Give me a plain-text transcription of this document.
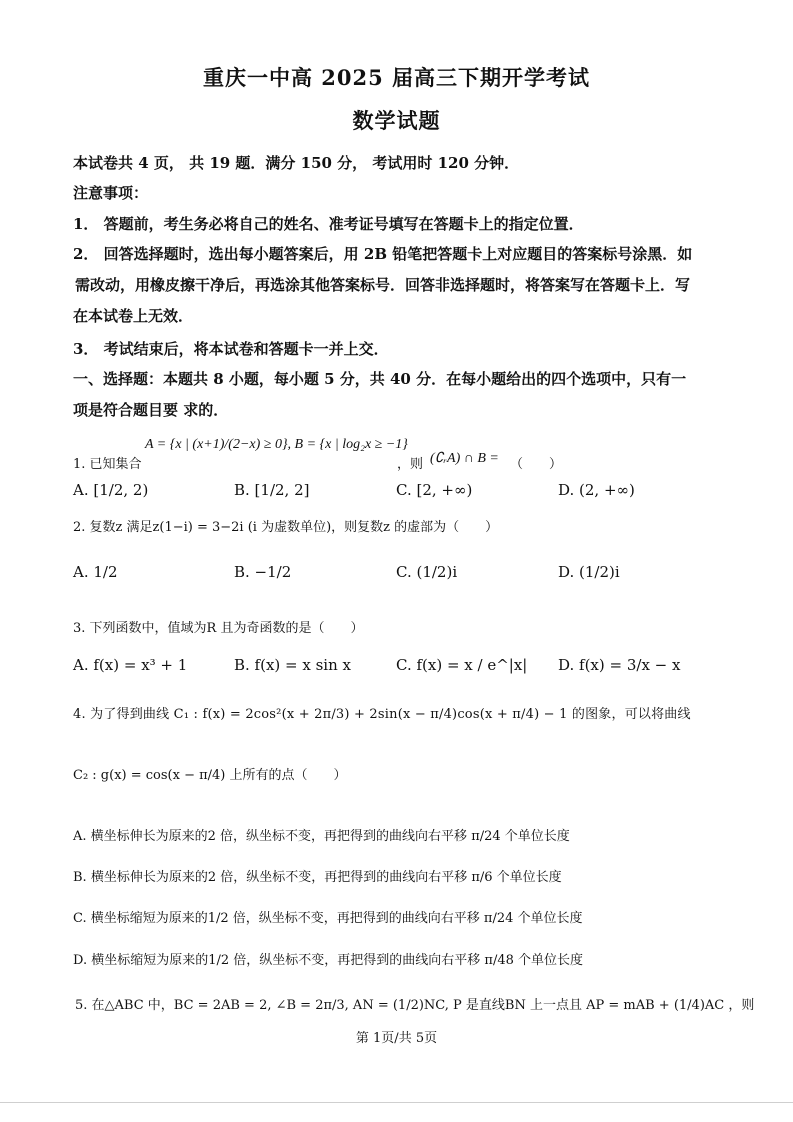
重庆一中高 2025 届高三下期开学考试
数学试题
本试卷共 4 页， 共 19 题．满分 150 分， 考试用时 120 分钟．
注意事项：
1． 答题前，考生务必将自己的姓名、准考证号填写在答题卡上的指定位置．
2． 回答选择题时，选出每小题答案后，用 2B 铅笔把答题卡上对应题目的答案标号涂黑．如
需改动，用橡皮擦干净后，再选涂其他答案标号．回答非选择题时，将答案写在答题卡上．写
在本试卷上无效．
3． 考试结束后，将本试卷和答题卡一并上交．
一、选择题：本题共 8 小题，每小题 5 分，共 40 分．在每小题给出的四个选项中，只有一
项是符合题目要 求的．
1. 已知集合
A = {x | (x+1)/(2−x) ≥ 0}, B = {x | log₂x ≥ −1}
，则 (∁ᵣA) ∩ B = （　　）
A. [1/2, 2)	B. [1/2, 2]	C. [2, +∞)	D. (2, +∞)
2. 复数z 满足z(1−i) = 3−2i (i 为虚数单位)，则复数z 的虚部为（　　）
A. 1/2	B. −1/2	C. (1/2)i	D. (1/2)i
3. 下列函数中，值域为R 且为奇函数的是（　　）
A. f(x) = x³ + 1	B. f(x) = x sin x	C. f(x) = x / e^|x| D. f(x) = 3/x − x
4. 为了得到曲线 C₁ : f(x) = 2cos²(x + 2π/3) + 2sin(x − π/4)cos(x + π/4) − 1 的图象，可以将曲线
C₂ : g(x) = cos(x − π/4) 上所有的点（　　）
A. 横坐标伸长为原来的2 倍，纵坐标不变，再把得到的曲线向右平移 π/24 个单位长度
B. 横坐标伸长为原来的2 倍，纵坐标不变，再把得到的曲线向右平移 π/6 个单位长度
C. 横坐标缩短为原来的1/2 倍，纵坐标不变，再把得到的曲线向右平移 π/24 个单位长度
D. 横坐标缩短为原来的1/2 倍，纵坐标不变，再把得到的曲线向右平移 π/48 个单位长度
5. 在△ABC 中，BC = 2AB = 2, ∠B = 2π/3, AN = (1/2)NC, P 是直线BN 上一点且 AP = mAB + (1/4)AC ，则
第 1页/共 5页
